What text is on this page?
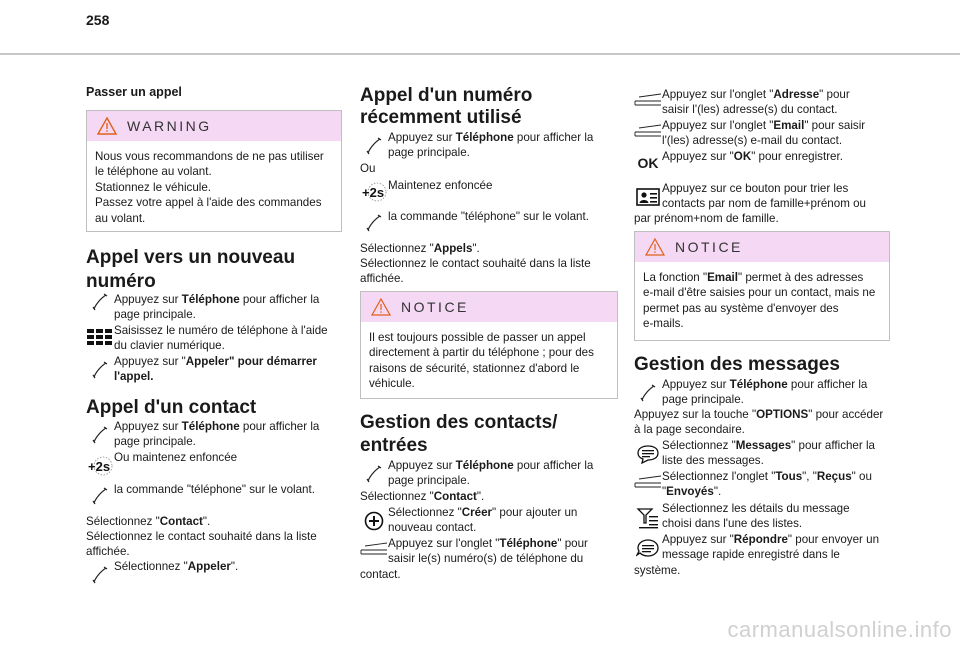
258
Passer un appel
WARNING
Nous vous recommandons de ne pas utiliser
le téléphone au volant.
Stationnez le véhicule.
Passez votre appel à l'aide des commandes
au volant.
Appel vers un nouveau
numéro
Appuyez sur Téléphone pour afficher la
page principale.
Saisissez le numéro de téléphone à l'aide
du clavier numérique.
Appuyez sur "Appeler" pour démarrer
l'appel.
Appel d'un contact
Appuyez sur Téléphone pour afficher la
page principale.
+2s
Ou maintenez enfoncée
la commande "téléphone" sur le volant.
Sélectionnez "Contact".
Sélectionnez le contact souhaité dans la liste
affichée.
Sélectionnez "Appeler".
Appel d'un numéro
récemment utilisé
Appuyez sur Téléphone pour afficher la
page principale.
Ou
+2s Maintenez enfoncée
la commande "téléphone" sur le volant.
Sélectionnez "Appels".
Sélectionnez le contact souhaité dans la liste
affichée.
NOTICE
Il est toujours possible de passer un appel
directement à partir du téléphone ; pour des
raisons de sécurité, stationnez d'abord le
véhicule.
Gestion des contacts/
entrées
Appuyez sur Téléphone pour afficher la
page principale.
Sélectionnez "Contact".
Sélectionnez "Créer" pour ajouter un
nouveau contact.
Appuyez sur l'onglet "Téléphone" pour
saisir le(s) numéro(s) de téléphone du
contact.
Appuyez sur l'onglet "Adresse" pour
saisir l'(les) adresse(s) du contact.
Appuyez sur l'onglet "Email" pour saisir
l'(les) adresse(s) e-mail du contact.
OK Appuyez sur "OK" pour enregistrer.
Appuyez sur ce bouton pour trier les
contacts par nom de famille+prénom ou
par prénom+nom de famille.
NOTICE
La fonction "Email" permet à des adresses
e-mail d'être saisies pour un contact, mais ne
permet pas au système d'envoyer des
e-mails.
Gestion des messages
Appuyez sur Téléphone pour afficher la
page principale.
Appuyez sur la touche "OPTIONS" pour accéder
à la page secondaire.
Sélectionnez "Messages" pour afficher la
liste des messages.
Sélectionnez l'onglet "Tous", "Reçus" ou
"Envoyés".
Sélectionnez les détails du message
choisi dans l'une des listes.
Appuyez sur "Répondre" pour envoyer un
message rapide enregistré dans le
système.
carmanualsonline.info
